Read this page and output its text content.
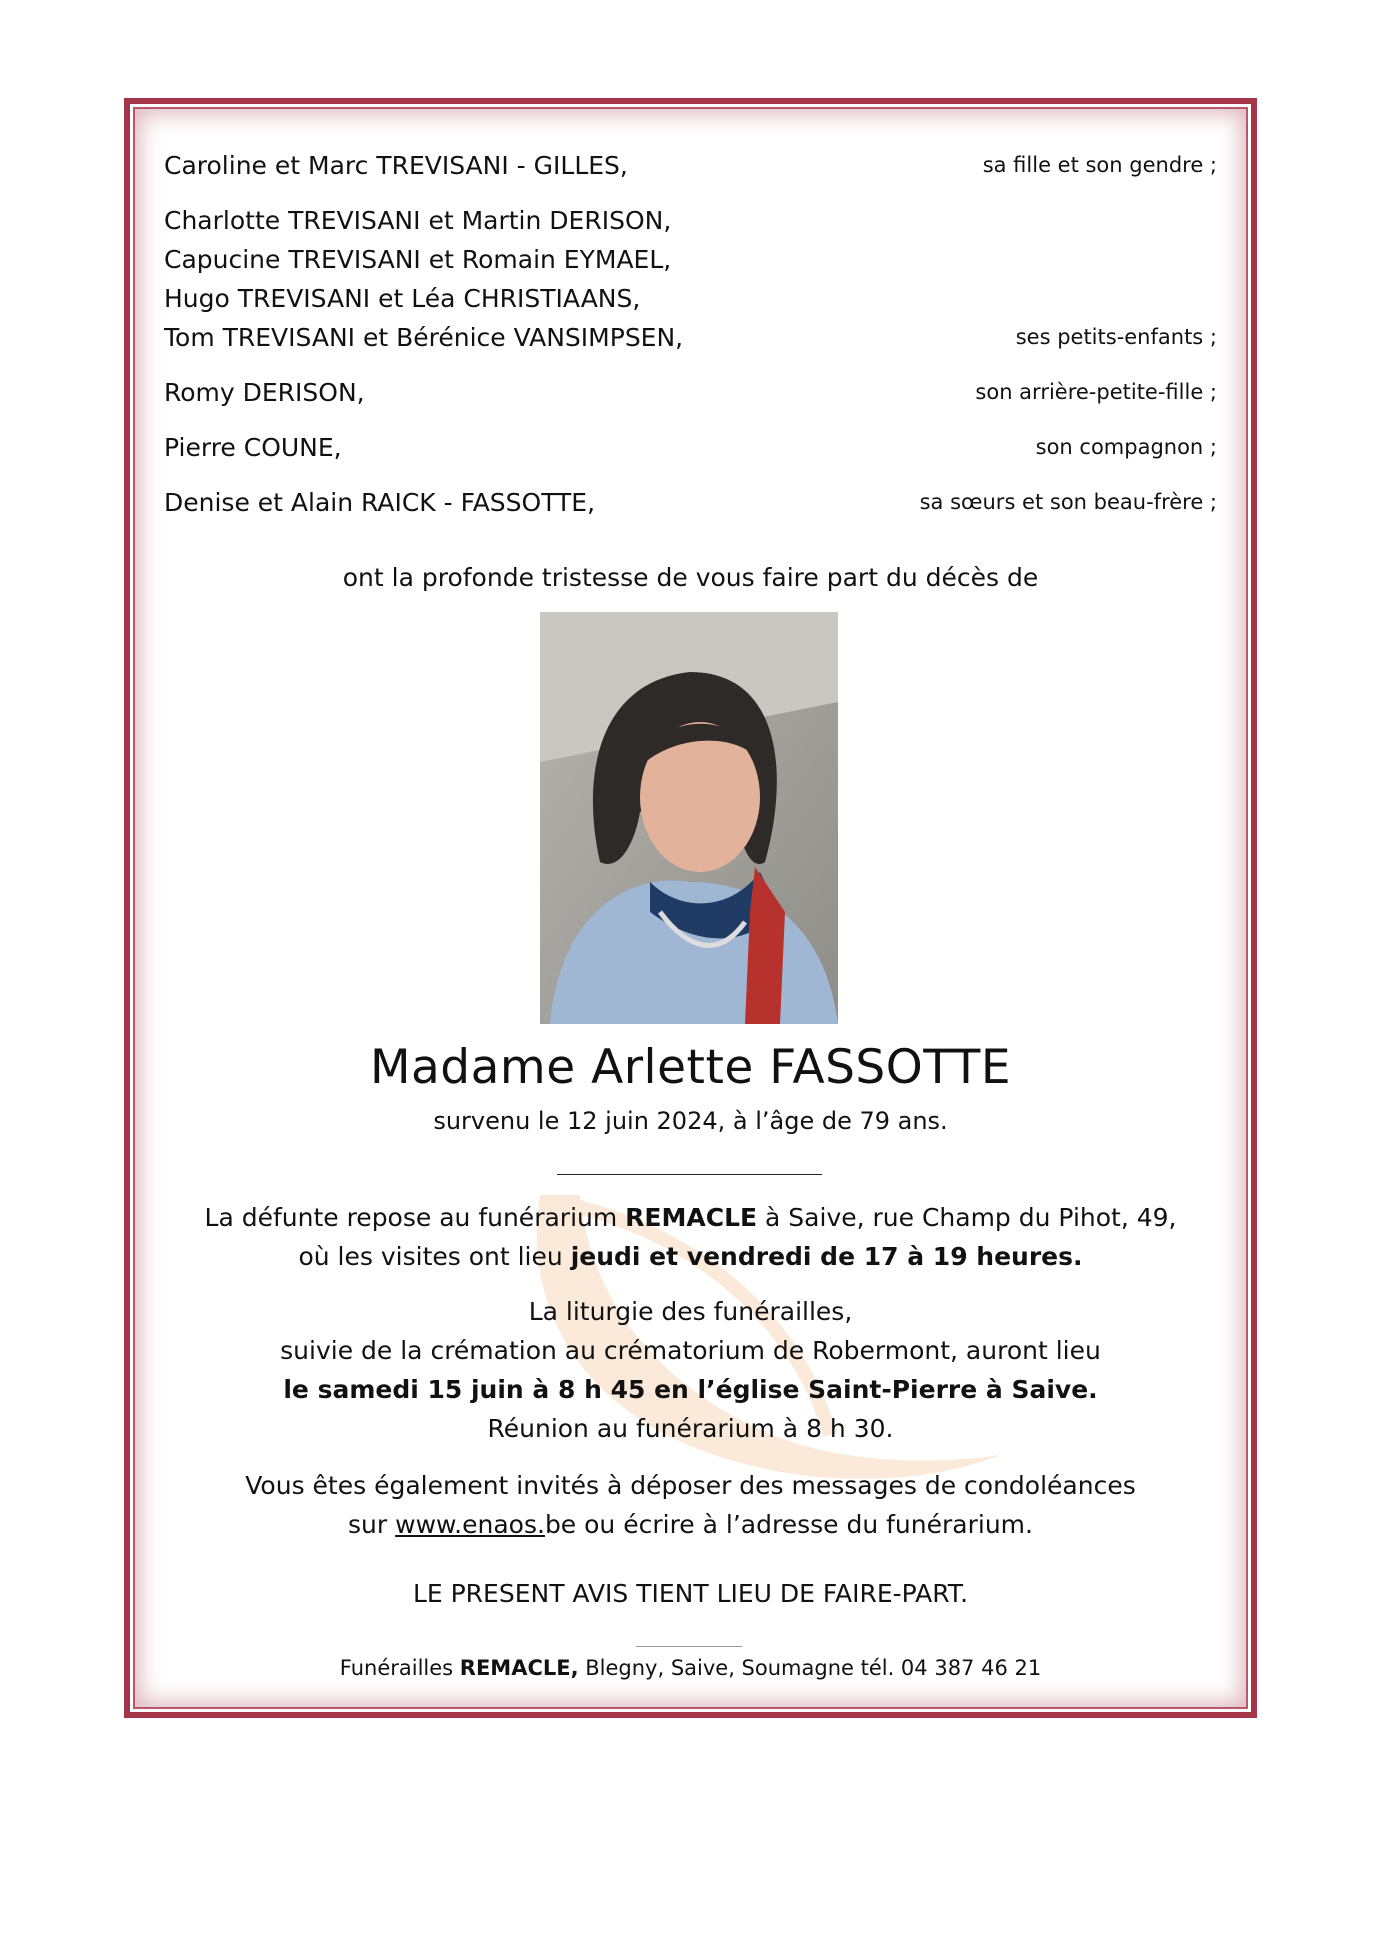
Caroline et Marc TREVISANI - GILLES,	sa fille et son gendre ;
Charlotte TREVISANI et Martin DERISON,
Capucine TREVISANI et Romain EYMAEL,
Hugo TREVISANI et Léa CHRISTIAANS,
Tom TREVISANI et Bérénice VANSIMPSEN,	ses petits-enfants ;
Romy DERISON,	son arrière-petite-fille ;
Pierre COUNE,	son compagnon ;
Denise et Alain RAICK - FASSOTTE,	sa sœurs et son beau-frère ;
ont la profonde tristesse de vous faire part du décès de
Madame Arlette FASSOTTE
survenu le 12 juin 2024, à l’âge de 79 ans.
La défunte repose au funérarium REMACLE à Saive, rue Champ du Pihot, 49,
où les visites ont lieu jeudi et vendredi de 17 à 19 heures.
La liturgie des funérailles,
suivie de la crémation au crématorium de Robermont, auront lieu
le samedi 15 juin à 8 h 45 en l’église Saint-Pierre à Saive.
Réunion au funérarium à 8 h 30.
Vous êtes également invités à déposer des messages de condoléances
sur www.enaos.be ou écrire à l’adresse du funérarium.
LE PRESENT AVIS TIENT LIEU DE FAIRE-PART.
Funérailles REMACLE, Blegny, Saive, Soumagne tél. 04 387 46 21
